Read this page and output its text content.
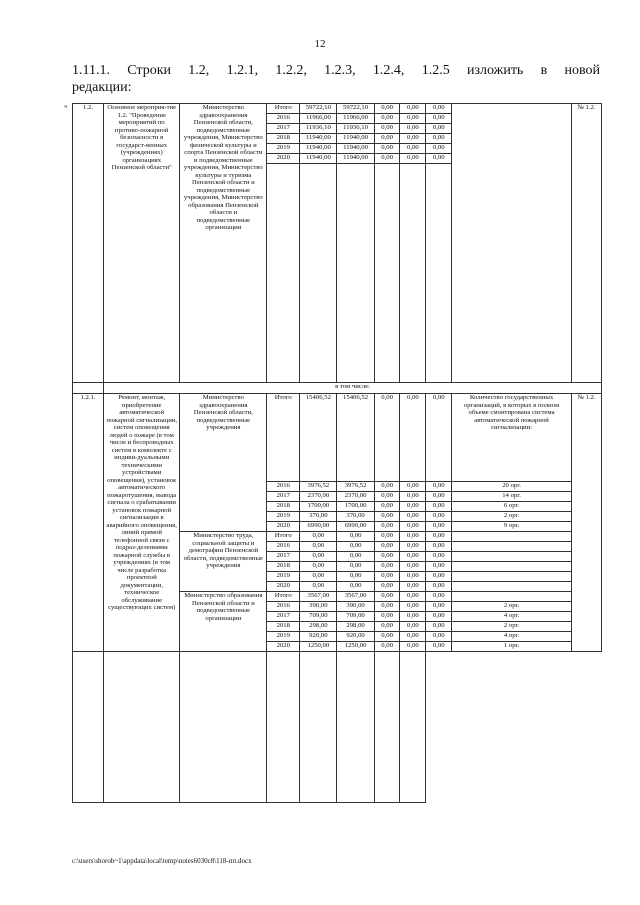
12
1.11.1. Строки 1.2, 1.2.1, 1.2.2, 1.2.3, 1.2.4, 1.2.5 изложить в новой
редакции:
" 1.2.	Основное мероприя-тие 1.2. "Проведение мероприятий по противо-пожарной безопасности в государст-венных (учреждениях) организациях Пензенской области"	Министерство здравоохранения Пензенской области, подведомственные учреждения, Министерство физической культуры и спорта Пензенской области и подведомственные учреждения, Министерство культуры и туризма Пензенской области и подведомственные учреждения, Министерство образования Пензенской области и подведомственные организации	Итого	59722,10	59722,10	0,00	0,00	0,00		№ 1.2.
			2016	11966,00	11966,00	0,00	0,00	0,00		
			2017	11936,10	11936,10	0,00	0,00	0,00		
			2018	11940,00	11940,00	0,00	0,00	0,00		
			2019	11940,00	11940,00	0,00	0,00	0,00		
			2020	11940,00	11940,00	0,00	0,00	0,00		

	в том числе:									
1.2.1.	Ремонт, монтаж, приобретение автоматической пожарной сигнализации, систем оповещения людей о пожаре (в том числе и беспроводных систем в комплекте с индиви-дуальными техническими устройствами оповещения), установок автоматического пожаротушения, вывода сигнала о срабатывании установок пожарной сигнализации в аварийного оповещения, линий прямой телефонной связи с подраз-делениями пожарной службы в учреждениях (в том числе разработка проектной документации, техническое обслуживание существующих систем)	Министерство здравоохранения Пензенской области, подведомственные учреждения	Итого	15406,52	15406,52	0,00	0,00	0,00	Количество государственных организаций, в которых в полном объеме смонтирована система автоматической пожарной сигнализации:	№ 1.2.

			2016	3976,52	3976,52	0,00	0,00	0,00	20 орг.	
			2017	2370,00	2370,00	0,00	0,00	0,00	14 орг.	
			2018	1700,00	1700,00	0,00	0,00	0,00	6 орг.	
			2019	370,00	370,00	0,00	0,00	0,00	2 орг.	
			2020	6990,00	6990,00	0,00	0,00	0,00	9 орг.	
		Министерство труда, социальной защиты и демографии Пензенской области, подведомственные учреждения	Итого	0,00	0,00	0,00	0,00	0,00		
			2016	0,00	0,00	0,00	0,00	0,00		
			2017	0,00	0,00	0,00	0,00	0,00		
			2018	0,00	0,00	0,00	0,00	0,00		
			2019	0,00	0,00	0,00	0,00	0,00		
			2020	0,00	0,00	0,00	0,00	0,00		
		Министерство образования Пензенской области и подведомственные организации	Итого	3567,00	3567,00	0,00	0,00	0,00		
			2016	390,00	390,00	0,00	0,00	0,00	2 орг.	
			2017	709,00	709,00	0,00	0,00	0,00	4 орг.	
			2018	298,00	298,00	0,00	0,00	0,00	2 орг.	
			2019	920,00	920,00	0,00	0,00	0,00	4 орг.	
			2020	1250,00	1250,00	0,00	0,00	0,00	1 орг.	

c:\users\shorob~1\appdata\local\temp\notes6030c8\118-пп.docx
